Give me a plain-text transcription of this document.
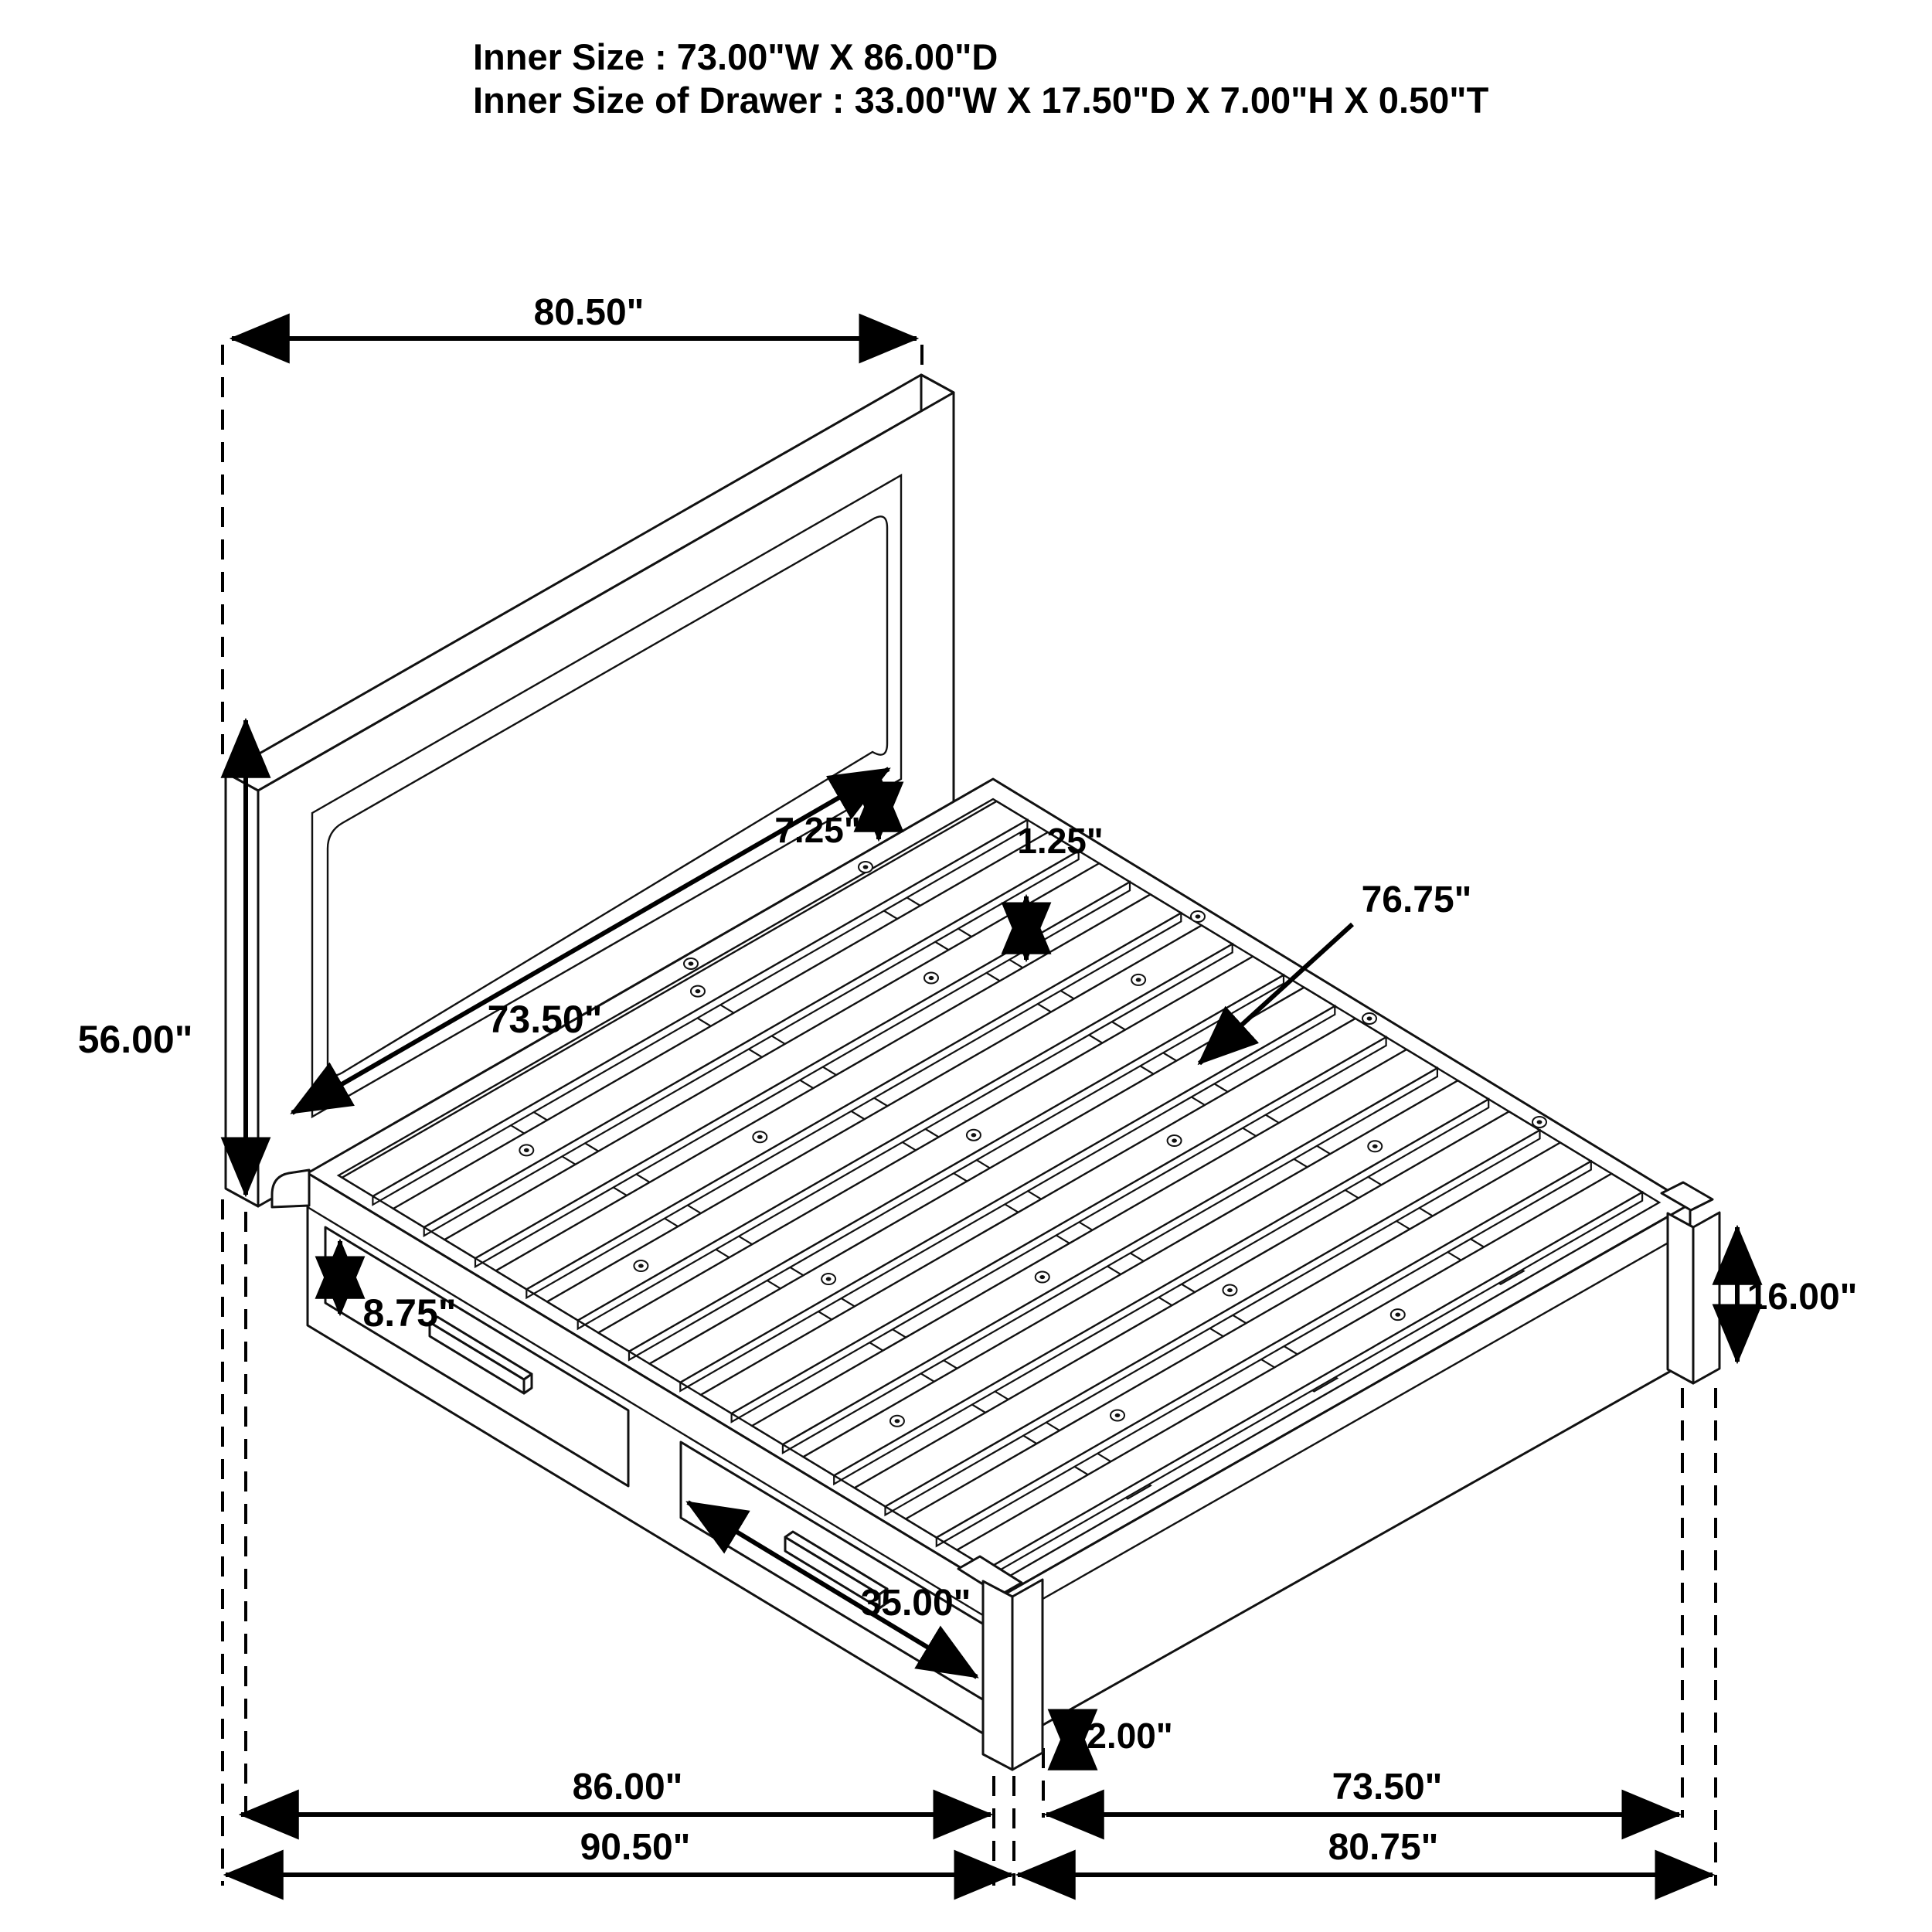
Inner Size : 73.00"W X 86.00"D
Inner Size of Drawer : 33.00"W X 17.50"D X 7.00"H X 0.50"T
80.50"
56.00"	73.50"
7.25"	1.25"
76.75"
8.75"
35.00"
86.00"
90.50"
2.00"
16.00"
73.50"
80.75"
